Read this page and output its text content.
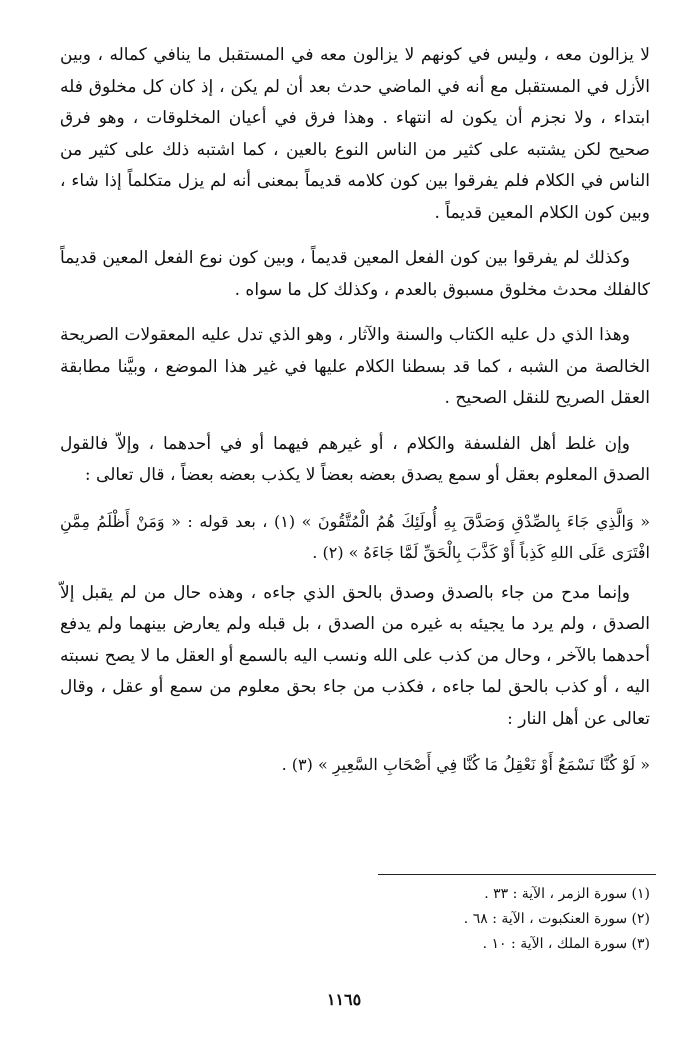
لا يزالون معه ، وليس في كونهم لا يزالون معه في المستقبل ما ينافي كماله ، وبين الأزل في المستقبل مع أنه في الماضي حدث بعد أن لم يكن ، إذ كان كل مخلوق فله ابتداء ، ولا نجزم أن يكون له انتهاء . وهذا فرق في أعيان المخلوقات ، وهو فرق صحيح لكن يشتبه على كثير من الناس النوع بالعين ، كما اشتبه ذلك على كثير من الناس في الكلام فلم يفرقوا بين كون كلامه قديماً بمعنى أنه لم يزل متكلماً إذا شاء ، وبين كون الكلام المعين قديماً .

وكذلك لم يفرقوا بين كون الفعل المعين قديماً ، وبين كون نوع الفعل المعين قديماً كالفلك محدث مخلوق مسبوق بالعدم ، وكذلك كل ما سواه .

وهذا الذي دل عليه الكتاب والسنة والآثار ، وهو الذي تدل عليه المعقولات الصريحة الخالصة من الشبه ، كما قد بسطنا الكلام عليها في غير هذا الموضع ، وبيَّنا مطابقة العقل الصريح للنقل الصحيح .

وإن غلط أهل الفلسفة والكلام ، أو غيرهم فيهما أو في أحدهما ، وإلاّ فالقول الصدق المعلوم بعقل أو سمع يصدق بعضه بعضاً لا يكذب بعضه بعضاً ، قال تعالى :

« وَالَّذِي جَاءَ بِالصِّدْقِ وَصَدَّقَ بِهِ أُولَئِكَ هُمُ الْمُتَّقُونَ » (١) ، بعد قوله : « وَمَنْ أَظْلَمُ مِمَّنِ افْتَرَى عَلَى اللهِ كَذِباً أَوْ كَذَّبَ بِالْحَقِّ لَمَّا جَاءَهُ » (٢) .

وإنما مدح من جاء بالصدق وصدق بالحق الذي جاءه ، وهذه حال من لم يقبل إلاّ الصدق ، ولم يرد ما يجيئه به غيره من الصدق ، بل قبله ولم يعارض بينهما ولم يدفع أحدهما بالآخر ، وحال من كذب على الله ونسب اليه بالسمع أو العقل ما لا يصح نسبته اليه ، أو كذب بالحق لما جاءه ، فكذب من جاء بحق معلوم من سمع أو عقل ، وقال تعالى عن أهل النار :

« لَوْ كُنَّا نَسْمَعُ أَوْ نَعْقِلُ مَا كُنَّا فِي أَصْحَابِ السَّعِيرِ » (٣) .

(١) سورة الزمر ، الآية : ٣٣ .

(٢) سورة العنكبوت ، الآية : ٦٨ .

(٣) سورة الملك ، الآية : ١٠ .

١١٦٥
